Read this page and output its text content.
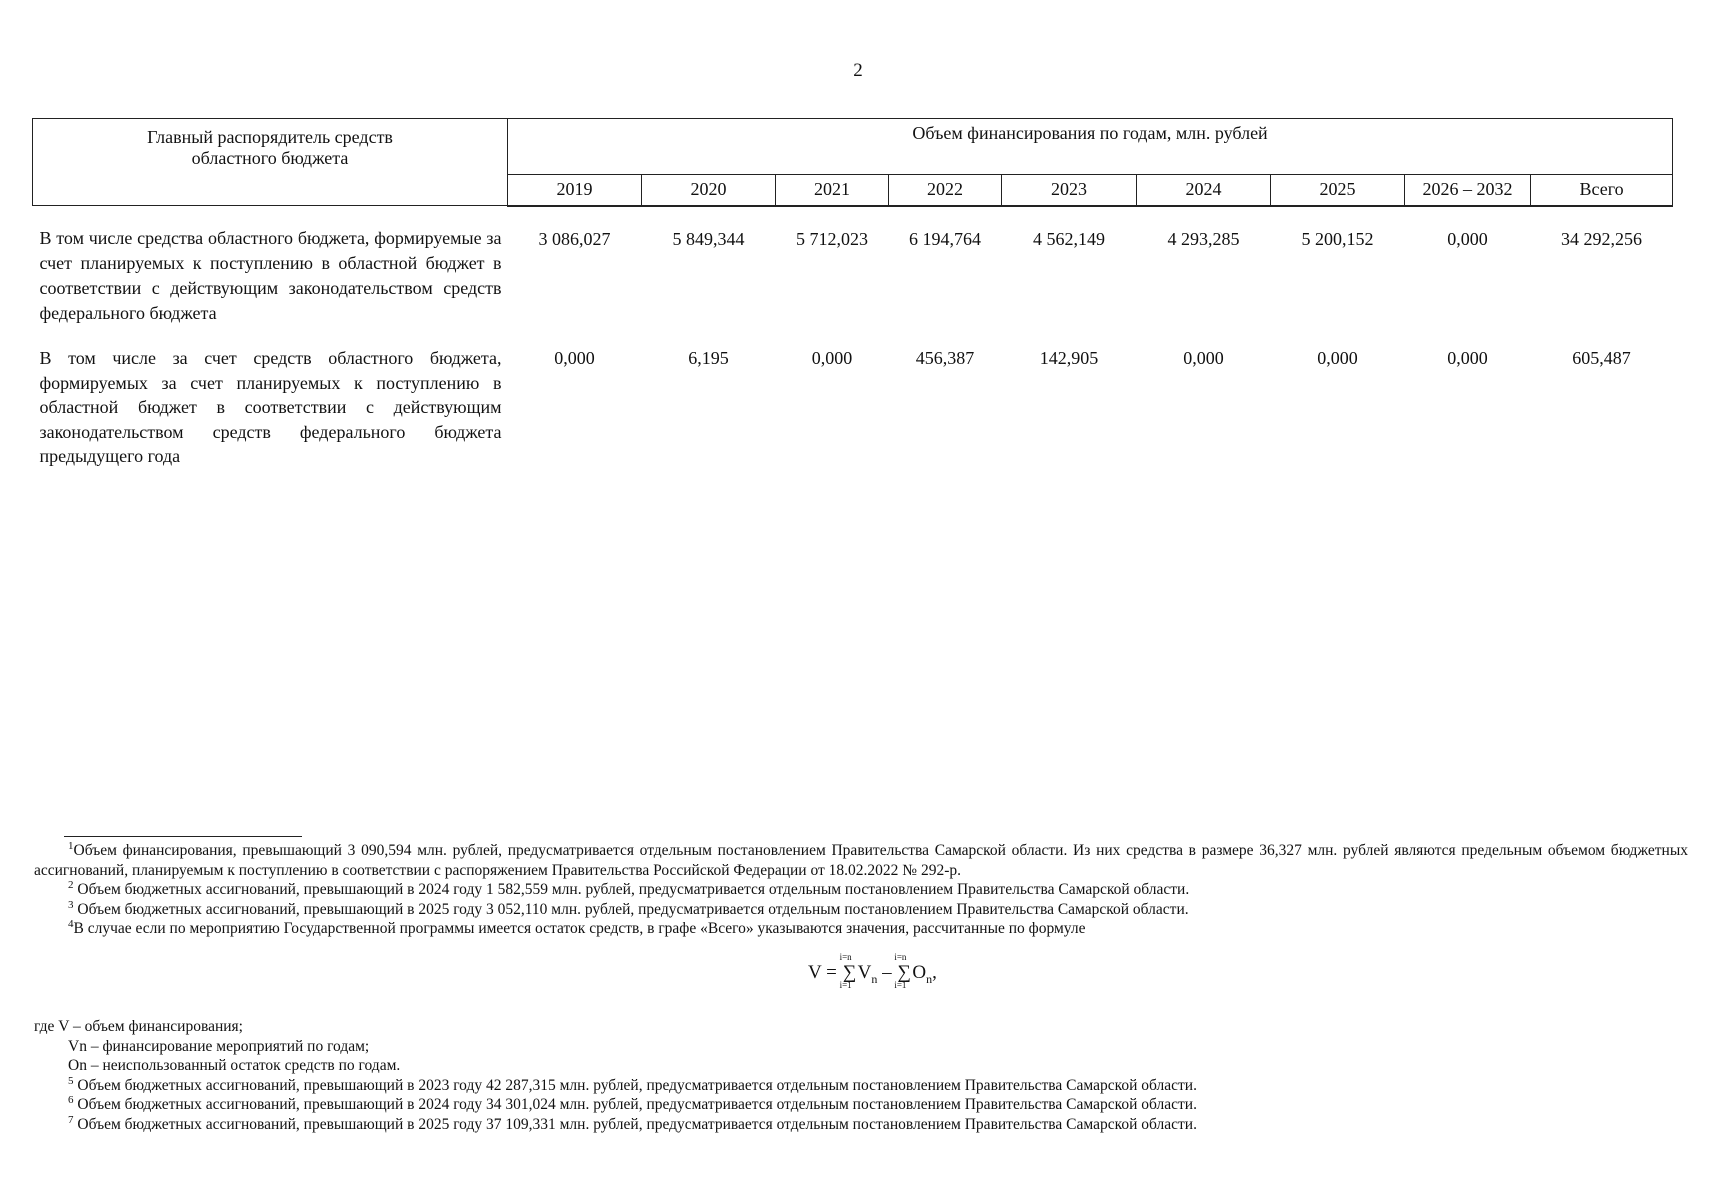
2
Главный распорядитель средств
областного бюджета	Объем финансирования по годам, млн. рублей								
	2019	2020	2021	2022	2023	2024	2025	2026 – 2032	Всего
В том числе средства областного бюджета, формируемые за счет планируемых к поступлению в областной бюджет в соответствии с действующим законодательством средств федерального бюджета	3 086,027	5 849,344	5 712,023	6 194,764	4 562,149	4 293,285	5 200,152	0,000	34 292,256
В том числе за счет средств областного бюджета, формируемых за счет планируемых к поступлению в областной бюджет в соответствии с действующим законодательством средств федерального бюджета предыдущего года	0,000	6,195	0,000	456,387	142,905	0,000	0,000	0,000	605,487
$^1$Объем финансирования, превышающий 3 090,594 млн. рублей, предусматривается отдельным постановлением Правительства Самарской области. Из них средства в размере 36,327 млн. рублей являются предельным объемом бюджетных ассигнований, планируемым к поступлению в соответствии с распоряжением Правительства Российской Федерации от 18.02.2022 № 292-р.
$^2$ Объем бюджетных ассигнований, превышающий в 2024 году 1 582,559 млн. рублей, предусматривается отдельным постановлением Правительства Самарской области.
$^3$ Объем бюджетных ассигнований, превышающий в 2025 году 3 052,110 млн. рублей, предусматривается отдельным постановлением Правительства Самарской области.
$^4$В случае если по мероприятию Государственной программы имеется остаток средств, в графе «Всего» указываются значения, рассчитанные по формуле
V = ∑
i=n
i=1
$V_n$ – ∑
i=n
i=1
$O_n$,
где V – объем финансирования;
Vn – финансирование мероприятий по годам;
On – неиспользованный остаток средств по годам.
$^5$ Объем бюджетных ассигнований, превышающий в 2023 году 42 287,315 млн. рублей, предусматривается отдельным постановлением Правительства Самарской области.
$^6$ Объем бюджетных ассигнований, превышающий в 2024 году 34 301,024 млн. рублей, предусматривается отдельным постановлением Правительства Самарской области.
$^7$ Объем бюджетных ассигнований, превышающий в 2025 году 37 109,331 млн. рублей, предусматривается отдельным постановлением Правительства Самарской области.
